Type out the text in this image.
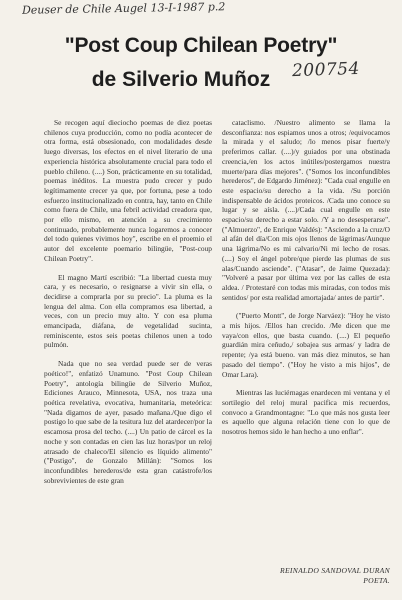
Deuser de Chile Augel 13-I-1987 p.2
"Post Coup Chilean Poetry"
de Silverio Muñoz	200754

Se recogen aquí dieciocho poemas de diez poetas chilenos cuya producción, como no podía acontecer de otra forma, está obsesionado, con modalidades desde luego diversas, los efectos en el nivel literario de una experiencia histórica absolutamente crucial para todo el pueblo chileno. (....) Son, prácticamente en su totalidad, poemas inéditos. La muestra pudo crecer y pudo legítimamente crecer ya que, por fortuna, pese a todo esfuerzo institucionalizado en contra, hay, tanto en Chile como fuera de Chile, una febril actividad creadora que, por ello mismo, en atención a su crecimiento continuado, probablemente nunca logaremos a conocer del todo quienes vivimos hoy", escribe en el proemio el autor del excelente poemario bilingüe, "Post-coup Chilean Poetry".

El magno Martí escribió: "La libertad cuesta muy cara, y es necesario, o resignarse a vivir sin ella, o decidirse a comprarla por su precio". La pluma es la lengua del alma. Con ella compramos esa libertad, a veces, con un precio muy alto. Y con esa pluma emancipada, diáfana, de vegetalidad sucinta, reminiscente, estos seis poetas chilenos unen a todo pulmón.

Nada que no sea verdad puede ser de veras poético!", enfatizó Unamuno. "Post Coup Chilean Poetry", antología bilingüe de Silverio Muñoz, Ediciones Arauco, Minnesota, USA, nos traza una poética revelativa, evocativa, humanitaria, meteórica: "Nada digamos de ayer, pasado mañana./Que digo el postigo lo que sabe de la tesitura luz del atardecer/por la escamosa prosa del techo. (....) Un patio de cárcel es la noche y son contadas en cien las luz horas/por un reloj atrasado de chaleco/El silencio es líquido alimento" ("Postigo", de Gonzalo Millán): "Somos los inconfundibles herederos/de esta gran catástrofe/los sobrevivientes de este gran

cataclismo. /Nuestro alimento se llama la desconfianza: nos espiamos unos a otros; /equivocamos la mirada y el saludo; /lo menos pisar fuerte/y preferimos callar. (....)/y guiados por una obstinada creencia,/en los actos inútiles/postergamos nuestra muerte/para días mejores". ("Somos los inconfundibles herederos", de Edgardo Jiménez): "Cada cual engulle en este espacio/su derecho a la vida. /Su porción indispensable de ácidos proteicos. /Cada uno conoce su lugar y se aísla. (....)/Cada cual engulle en este espacio/su derecho a estar solo. /Y a no desesperarse". ("Almuerzo", de Enrique Valdés): "Asciendo a la cruz/O al afán del día/Con mis ojos llenos de lágrimas/Aunque una lágrima/No es mi calvario/Ni mi lecho de rosas. (....) Soy el ángel pobre/que pierde las plumas de sus alas/Cuando asciende". ("Atasar", de Jaime Quezada): "Volveré a pasar por última vez por las calles de esta aldea. / Protestaré con todas mis miradas, con todos mis sentidos/ por esta realidad amortajada/ antes de partir".

("Puerto Montt", de Jorge Narváez): "Hoy he visto a mis hijos. /Ellos han crecido. /Me dicen que me vaya/con ellos, que basta cuando. (....) El pequeño guardián mira ceñudo,/ sobajea sus armas/ y ladra de repente; /ya está bueno. van más diez minutos, se han pasado del tiempo". ("Hoy he visto a mis hijos", de Omar Lara).

Mientras las luciérnagas enardecen mi ventana y el sortilegio del reloj mural pacifica mis recuerdos, convoco a Grandmontagne: "Lo que más nos gusta leer es aquello que alguna relación tiene con lo que de nosotros hemos sido le han hecho a uno enflar".

REINALDO SANDOVAL DURAN
POETA.
